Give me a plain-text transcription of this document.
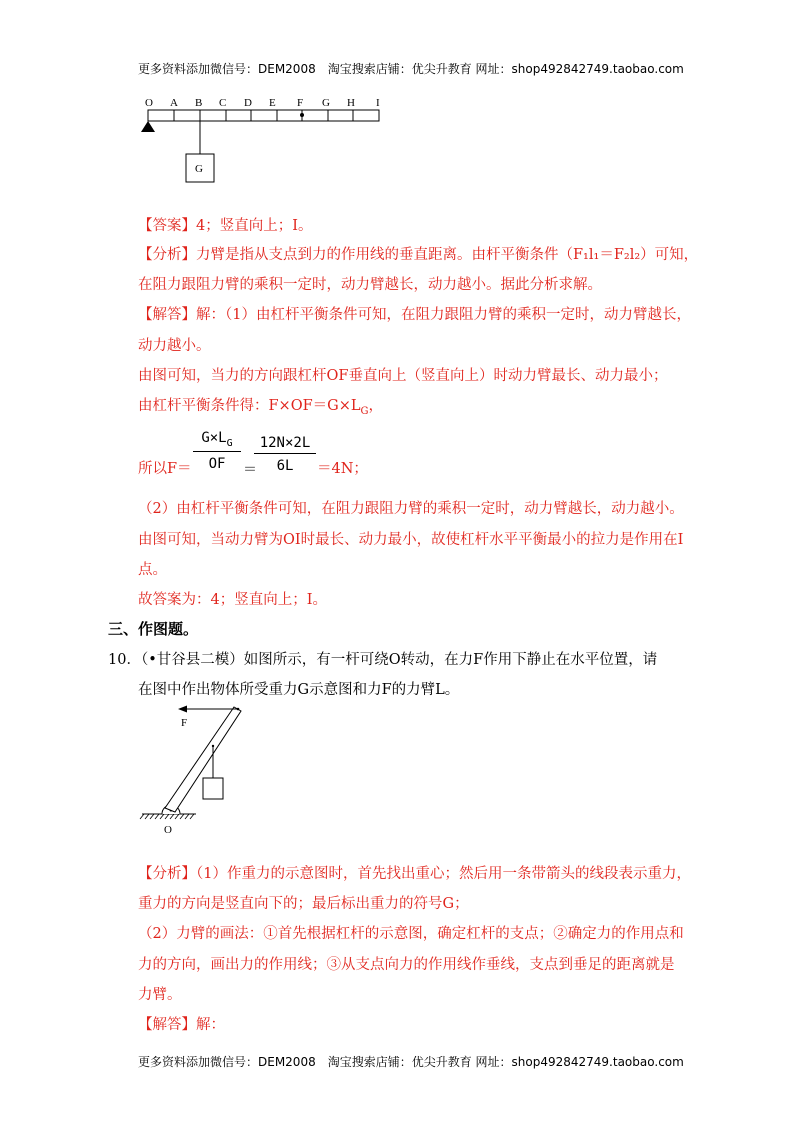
更多资料添加微信号：DEM2008　淘宝搜索店铺：优尖升教育 网址：shop492842749.taobao.com
O A B C D E F G H I
G
【答案】4；竖直向上；I。
【分析】力臂是指从支点到力的作用线的垂直距离。由杆平衡条件（F₁l₁＝F₂l₂）可知，
在阻力跟阻力臂的乘积一定时，动力臂越长，动力越小。据此分析求解。
【解答】解：（1）由杠杆平衡条件可知，在阻力跟阻力臂的乘积一定时，动力臂越长，
动力越小。
由图可知，当力的方向跟杠杆OF垂直向上（竖直向上）时动力臂最长、动力最小；
由杠杆平衡条件得：$F\times OF=G\times L_G$，
所以$F= \frac{G\times L_G}{OF}$ ＝
$\frac{12N\times 2L}{6L} =4N$；
（2）由杠杆平衡条件可知，在阻力跟阻力臂的乘积一定时，动力臂越长，动力越小。
由图可知，当动力臂为OI时最长、动力最小，故使杠杆水平平衡最小的拉力是作用在I
点。
故答案为：4；竖直向上；I。
三、作图题。
10．（•甘谷县二模）如图所示，有一杆可绕O转动，在力F作用下静止在水平位置，请
在图中作出物体所受重力G示意图和力F的力臂L。
F
O
【分析】（1）作重力的示意图时，首先找出重心；然后用一条带箭头的线段表示重力，
重力的方向是竖直向下的；最后标出重力的符号G；
（2）力臂的画法：①首先根据杠杆的示意图，确定杠杆的支点；②确定力的作用点和
力的方向，画出力的作用线；③从支点向力的作用线作垂线，支点到垂足的距离就是
力臂。
【解答】解：
更多资料添加微信号：DEM2008　淘宝搜索店铺：优尖升教育 网址：shop492842749.taobao.com
